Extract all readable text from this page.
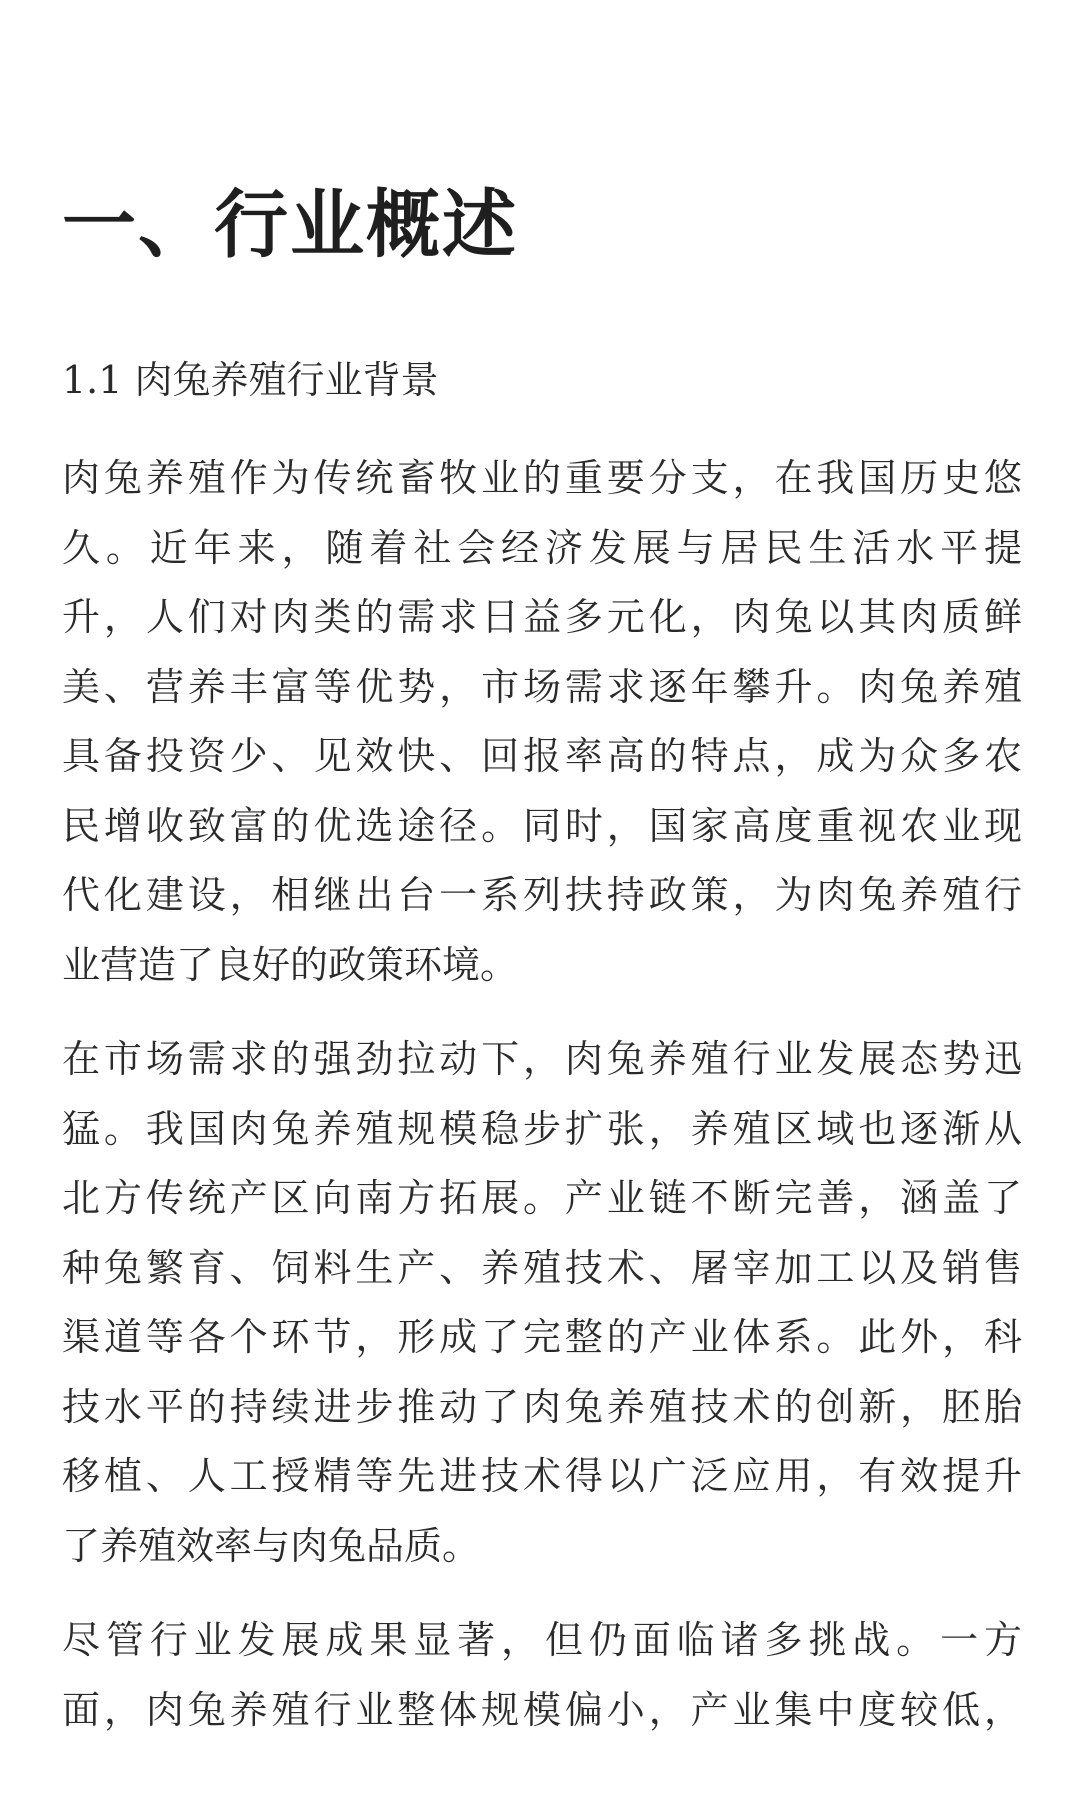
一、行业概述
1.1 肉兔养殖行业背景

肉兔养殖作为传统畜牧业的重要分支，在我国历史悠
久。近年来，随着社会经济发展与居民生活水平提
升，人们对肉类的需求日益多元化，肉兔以其肉质鲜
美、营养丰富等优势，市场需求逐年攀升。肉兔养殖
具备投资少、见效快、回报率高的特点，成为众多农
民增收致富的优选途径。同时，国家高度重视农业现
代化建设，相继出台一系列扶持政策，为肉兔养殖行
业营造了良好的政策环境。

在市场需求的强劲拉动下，肉兔养殖行业发展态势迅
猛。我国肉兔养殖规模稳步扩张，养殖区域也逐渐从
北方传统产区向南方拓展。产业链不断完善，涵盖了
种兔繁育、饲料生产、养殖技术、屠宰加工以及销售
渠道等各个环节，形成了完整的产业体系。此外，科
技水平的持续进步推动了肉兔养殖技术的创新，胚胎
移植、人工授精等先进技术得以广泛应用，有效提升
了养殖效率与肉兔品质。

尽管行业发展成果显著，但仍面临诸多挑战。一方
面，肉兔养殖行业整体规模偏小，产业集中度较低，
